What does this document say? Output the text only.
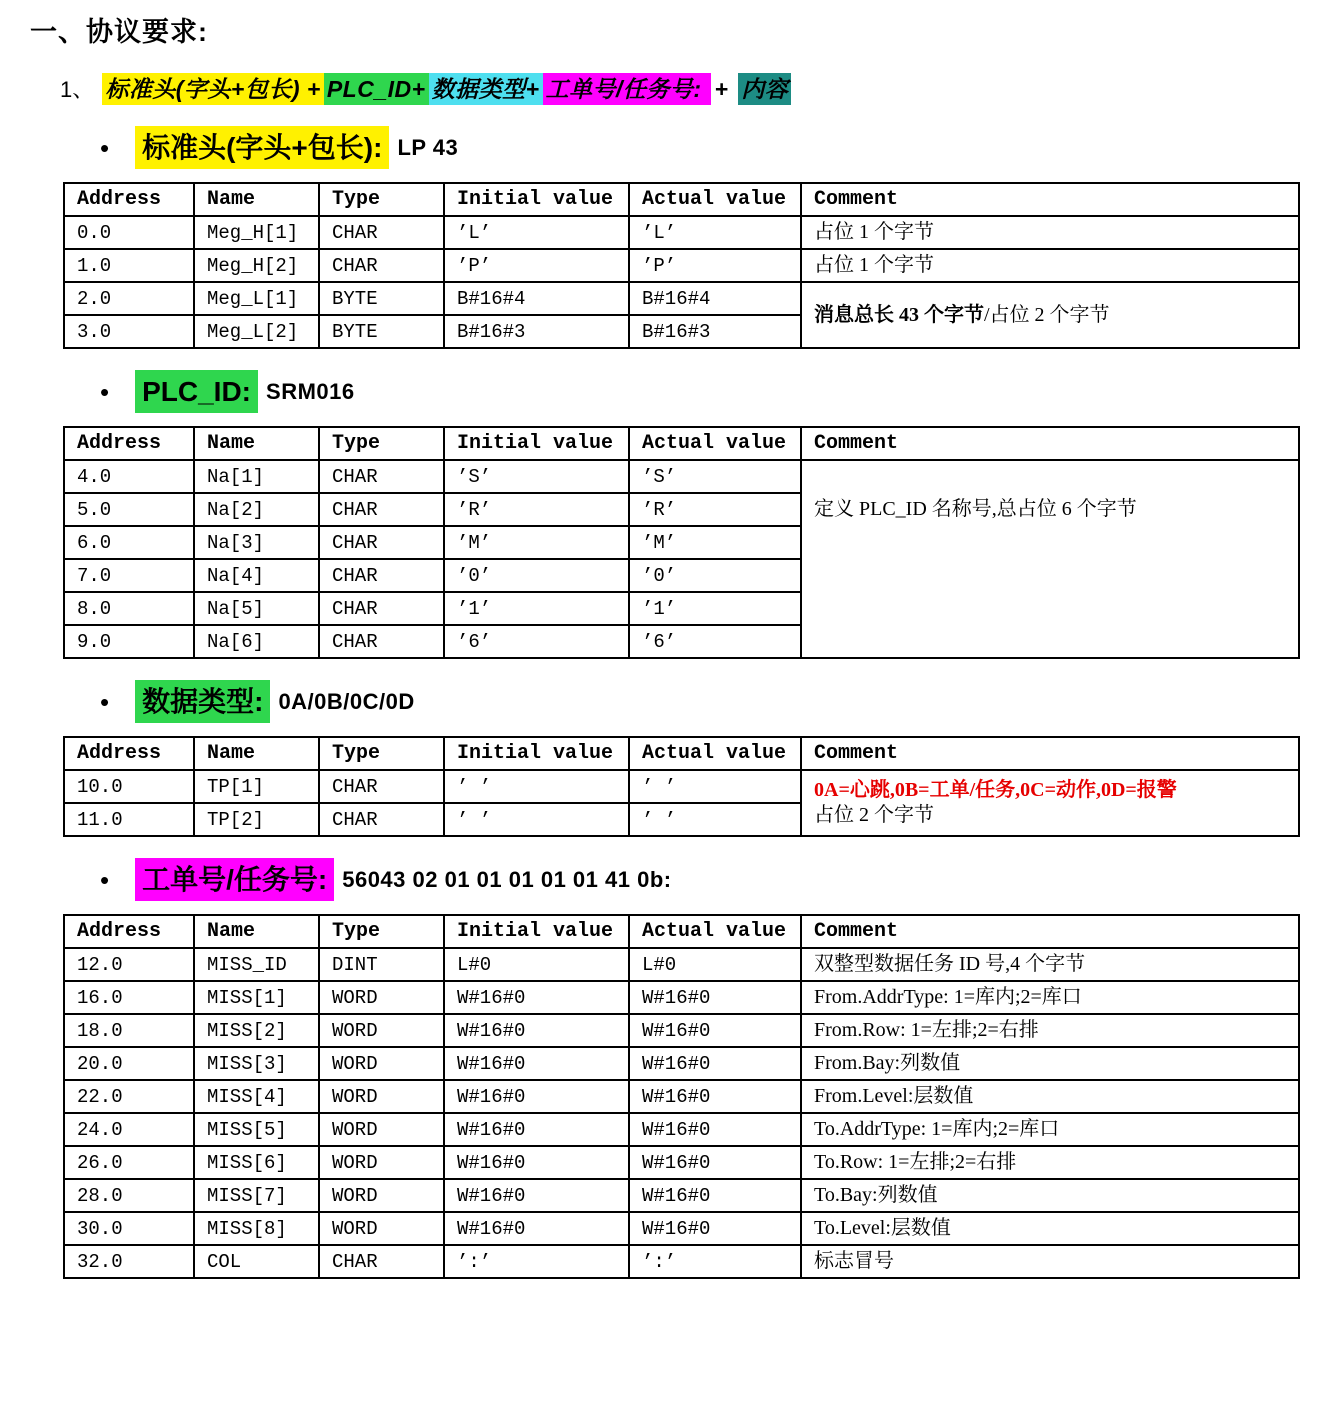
一、协议要求:
1、 标准头(字头+包长) + PLC_ID+ 数据类型+ 工单号/任务号: + 内容
• 标准头(字头+包长): LP 43
Address	Name	Type	Initial value	Actual value	Comment
0.0	Meg_H[1]	CHAR	’L’	’L’	占位 1 个字节
1.0	Meg_H[2]	CHAR	’P’	’P’	占位 1 个字节
2.0	Meg_L[1]	BYTE	B#16#4	B#16#4	消息总长 43 个字节/占位 2 个字节
3.0	Meg_L[2]	BYTE	B#16#3	B#16#3	
• PLC_ID: SRM016
Address	Name	Type	Initial value	Actual value	Comment
4.0	Na[1]	CHAR	’S’	’S’	定义 PLC_ID 名称号,总占位 6 个字节
5.0	Na[2]	CHAR	’R’	’R’	
6.0	Na[3]	CHAR	’M’	’M’	
7.0	Na[4]	CHAR	’0’	’0’	
8.0	Na[5]	CHAR	’1’	’1’	
9.0	Na[6]	CHAR	’6’	’6’	
• 数据类型: 0A/0B/0C/0D
Address	Name	Type	Initial value	Actual value	Comment
10.0	TP[1]	CHAR	’ ’	’ ’	0A=心跳,0B=工单/任务,0C=动作,0D=报警
占位 2 个字节

11.0	TP[2]	CHAR	’ ’	’ ’	
• 工单号/任务号: 56043 02 01 01 01 01 01 41 0b:
Address	Name	Type	Initial value	Actual value	Comment
12.0	MISS_ID	DINT	L#0	L#0	双整型数据任务 ID 号,4 个字节
16.0	MISS[1]	WORD	W#16#0	W#16#0	From.AddrType: 1=库内;2=库口
18.0	MISS[2]	WORD	W#16#0	W#16#0	From.Row: 1=左排;2=右排
20.0	MISS[3]	WORD	W#16#0	W#16#0	From.Bay:列数值
22.0	MISS[4]	WORD	W#16#0	W#16#0	From.Level:层数值
24.0	MISS[5]	WORD	W#16#0	W#16#0	To.AddrType: 1=库内;2=库口
26.0	MISS[6]	WORD	W#16#0	W#16#0	To.Row: 1=左排;2=右排
28.0	MISS[7]	WORD	W#16#0	W#16#0	To.Bay:列数值
30.0	MISS[8]	WORD	W#16#0	W#16#0	To.Level:层数值
32.0	COL	CHAR	’:’	’:’	标志冒号
